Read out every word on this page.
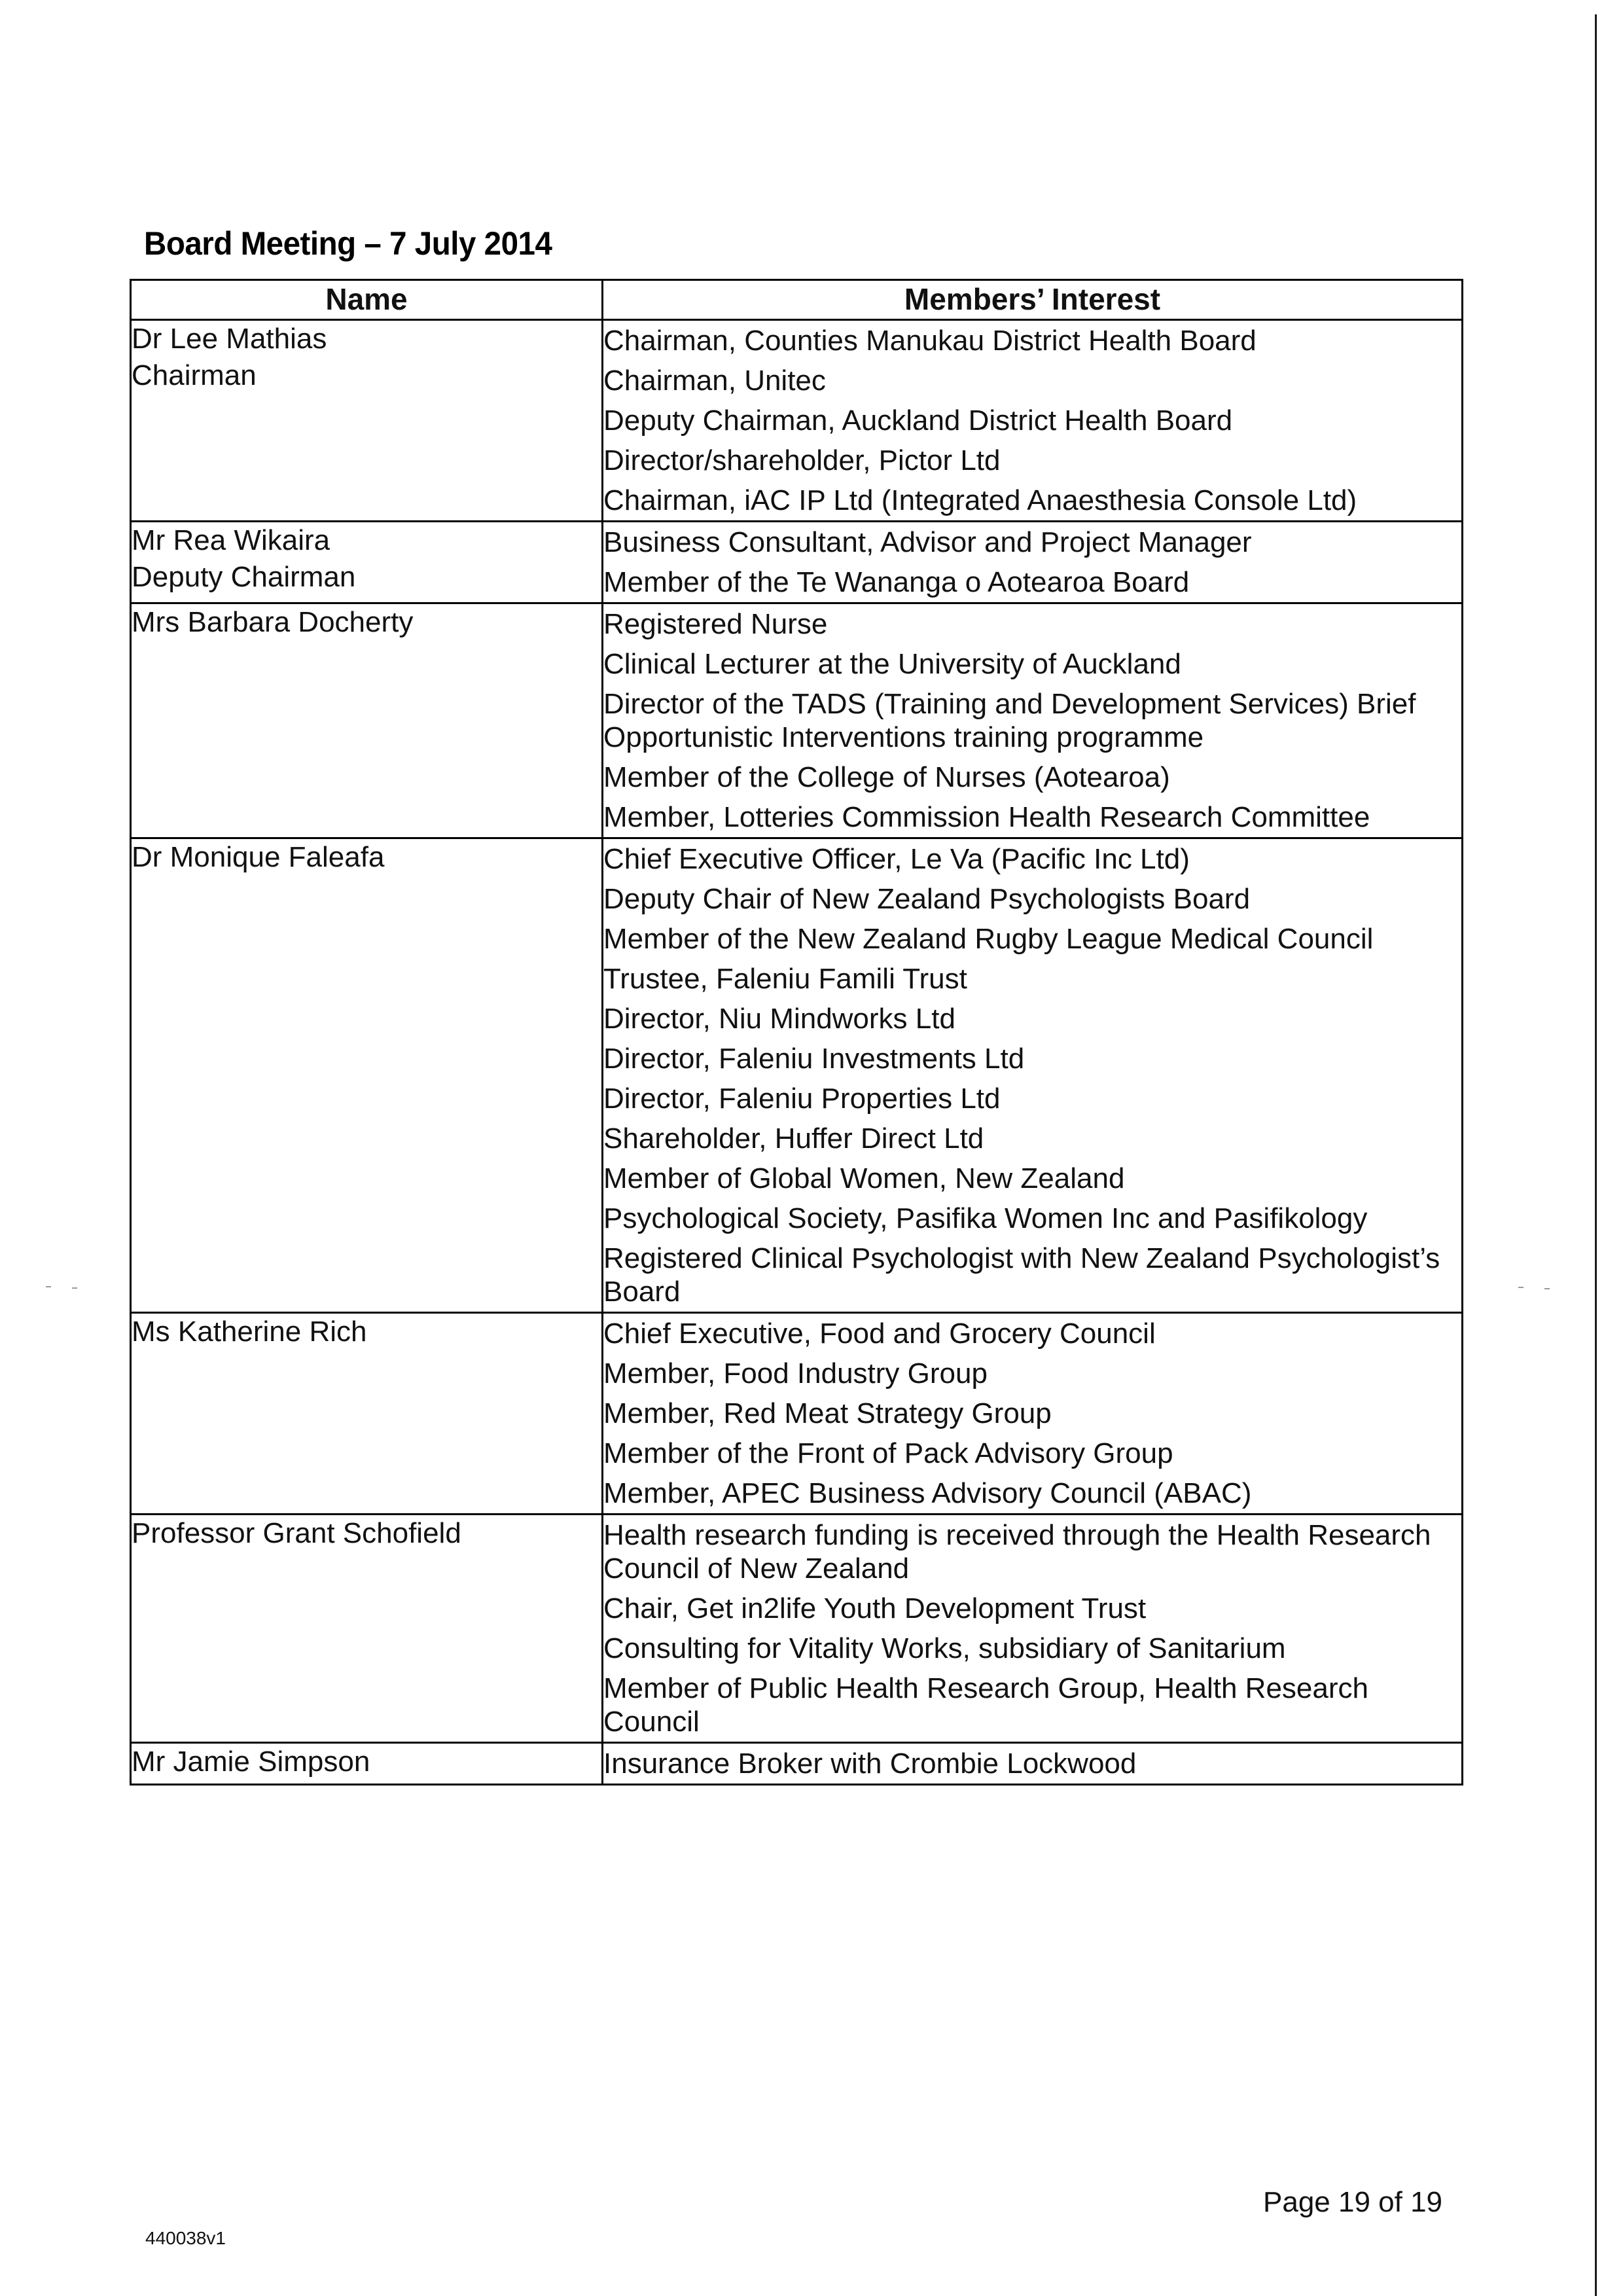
Board Meeting – 7 July 2014
Name	Members’ Interest

Dr Lee Mathias
Chairman	Chairman, Counties Manukau District Health Board
Chairman, Unitec
Deputy Chairman, Auckland District Health Board
Director/shareholder, Pictor Ltd
Chairman, iAC IP Ltd (Integrated Anaesthesia Console Ltd)

Mr Rea Wikaira
Deputy Chairman	Business Consultant, Advisor and Project Manager
Member of the Te Wananga o Aotearoa Board

Mrs Barbara Docherty	Registered Nurse
Clinical Lecturer at the University of Auckland
Director of the TADS (Training and Development Services) Brief Opportunistic Interventions training programme
Member of the College of Nurses (Aotearoa)
Member, Lotteries Commission Health Research Committee

Dr Monique Faleafa	Chief Executive Officer, Le Va (Pacific Inc Ltd)
Deputy Chair of New Zealand Psychologists Board
Member of the New Zealand Rugby League Medical Council
Trustee, Faleniu Famili Trust
Director, Niu Mindworks Ltd
Director, Faleniu Investments Ltd
Director, Faleniu Properties Ltd
Shareholder, Huffer Direct Ltd
Member of Global Women, New Zealand
Psychological Society, Pasifika Women Inc and Pasifikology
Registered Clinical Psychologist with New Zealand Psychologist’s Board

Ms Katherine Rich	Chief Executive, Food and Grocery Council
Member, Food Industry Group
Member, Red Meat Strategy Group
Member of the Front of Pack Advisory Group
Member, APEC Business Advisory Council (ABAC)

Professor Grant Schofield	Health research funding is received through the Health Research Council of New Zealand
Chair, Get in2life Youth Development Trust
Consulting for Vitality Works, subsidiary of Sanitarium
Member of Public Health Research Group, Health Research Council

Mr Jamie Simpson	Insurance Broker with Crombie Lockwood
Page 19 of 19
440038v1
